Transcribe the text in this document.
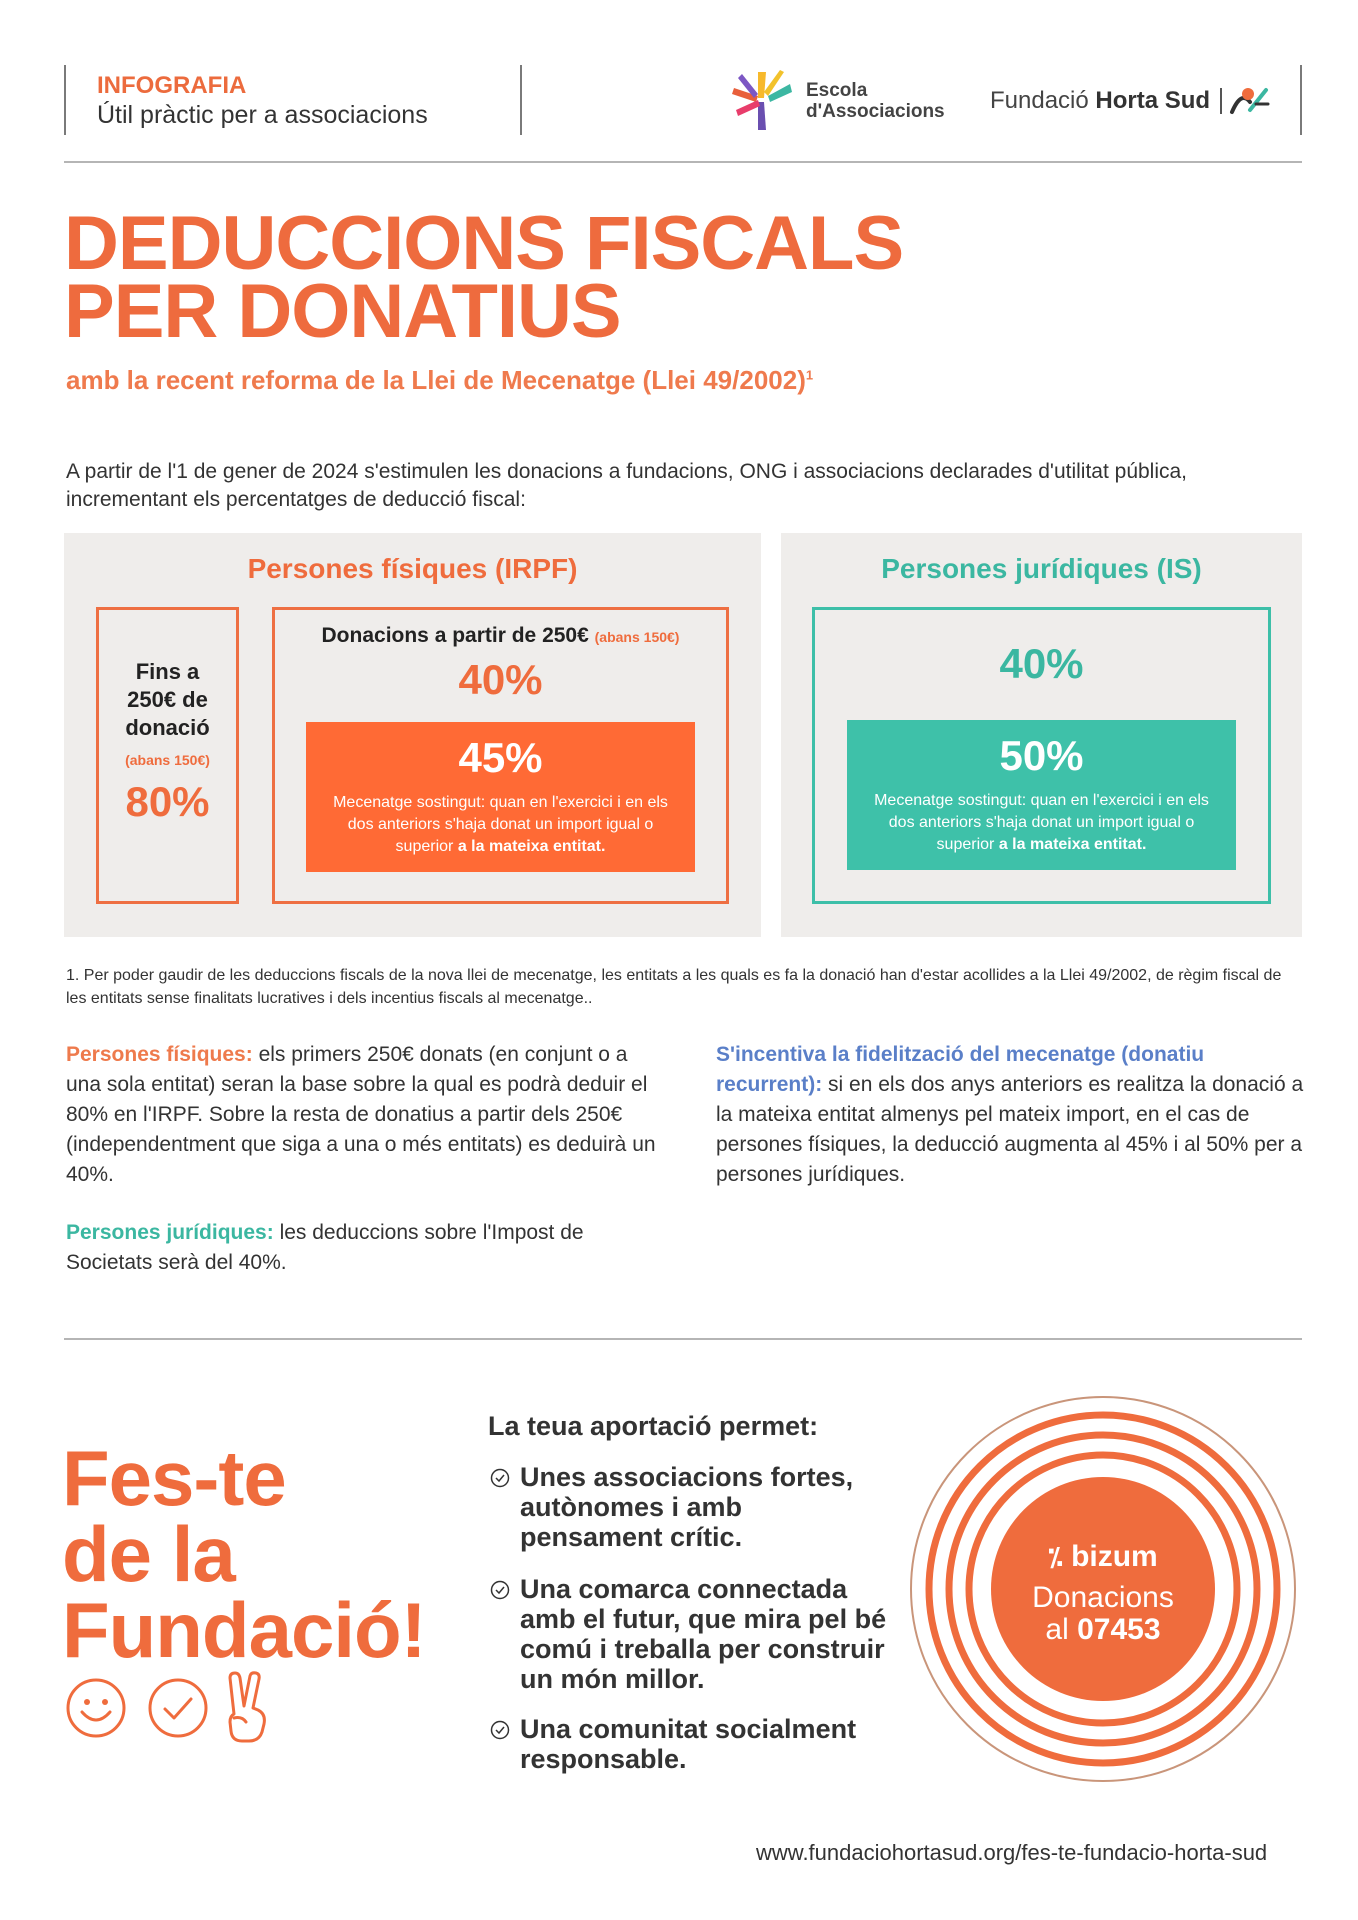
INFOGRAFIA
Útil pràctic per a associacions
Escola
d'Associacions Fundació Horta Sud
DEDUCCIONS FISCALS
PER DONATIUS
amb la recent reforma de la Llei de Mecenatge (Llei 49/2002)$^1$
A partir de l'1 de gener de 2024 s'estimulen les donacions a fundacions, ONG i associacions declarades d'utilitat pública, incrementant els percentatges de deducció fiscal:
Persones físiques (IRPF)
Fins a 250€ de donació
(abans 150€)
80%
Donacions a partir de 250€ (abans 150€)
40%
45%
Mecenatge sostingut: quan en l'exercici i en els dos anteriors s'haja donat un import igual o superior a la mateixa entitat.
Persones jurídiques (IS)
40%
50%
Mecenatge sostingut: quan en l'exercici i en els dos anteriors s'haja donat un import igual o superior a la mateixa entitat.
1. Per poder gaudir de les deduccions fiscals de la nova llei de mecenatge, les entitats a les quals es fa la donació han d'estar acollides a la Llei 49/2002, de règim fiscal de les entitats sense finalitats lucratives i dels incentius fiscals al mecenatge..
Persones físiques: els primers 250€ donats (en conjunt o a una sola entitat) seran la base sobre la qual es podrà deduir el 80% en l'IRPF. Sobre la resta de donatius a partir dels 250€ (independentment que siga a una o més entitats) es deduirà un 40%.
Persones jurídiques: les deduccions sobre l'Impost de Societats serà del 40%.
S'incentiva la fidelització del mecenatge (donatiu recurrent): si en els dos anys anteriors es realitza la donació a la mateixa entitat almenys pel mateix import, en el cas de persones físiques, la deducció augmenta al 45% i al 50% per a persones jurídiques.
Fes-te
de la
Fundació!
La teua aportació permet:
Unes associacions fortes, autònomes i amb pensament crític.
Una comarca connectada amb el futur, que mira pel bé comú i treballa per construir un món millor.
Una comunitat socialment responsable.
⁒ bizum
Donacions
al 07453
www.fundaciohortasud.org/fes-te-fundacio-horta-sud
